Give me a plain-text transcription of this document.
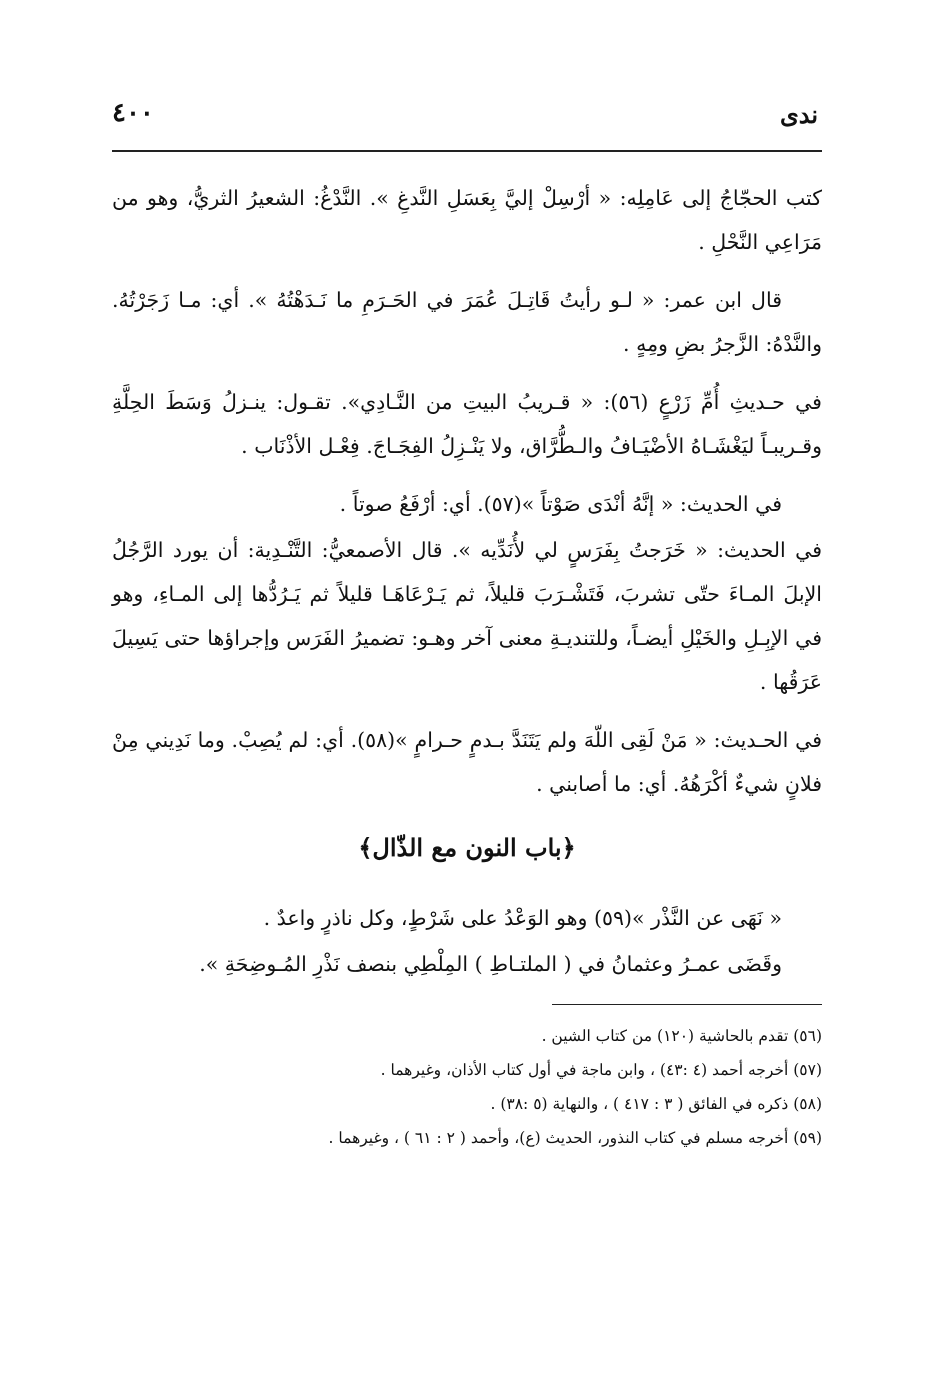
ندى
٤٠٠

كتب الحجّاجُ إلى عَامِلِه: « أرْسِلْ إليَّ بِعَسَلِ النَّدغِ ». النَّدْغُ: الشعيرُ الثريُّ، وهو من مَرَاعِي النَّحْلِ .

قال ابن عمر: « لـو رأيتُ قَاتِـلَ عُمَرَ في الحَـرَمِ ما نَـدَهْتُهُ ». أي: مـا زَجَرْتُهُ. والنَّدْهُ: الزَّجرُ بضِ ومِهٍ .

في حـديثِ أُمِّ زَرْعٍ (٥٦): « قـريبُ البيتِ من النَّـادِي». تقـول: ينـزلُ وَسَطَ الحِلَّةِ وقـريبـاً ليَغْشَـاهُ الأضْيَـافُ والـطُّرَّاق، ولا يَنْـزِلُ الفِجَـاجَ. فِعْـل الأذْنَاب .

في الحديث: « إنَّهُ أنْدَى صَوْتاً »(٥٧). أي: أرْفَعُ صوتاً .

في الحديث: « خَرَجتُ بِفَرَسٍ لي لأُنَدِّيه ». قال الأصمعيُّ: التَّنْـدِية: أن يورد الرَّجُلُ الإبلَ المـاءَ حتّى تشربَ، فَتَشْـرَبَ قليلاً، ثم يَـرْعَاهَـا قليلاً ثم يَـرُدُّها إلى المـاءِ، وهو في الإبِـلِ والخَيْلِ أيضـاً، وللتنديـةِ معنى آخر وهـو: تضميرُ الفَرَس وإجراؤها حتى يَسِيلَ عَرَقُها .

في الحـديث: « مَنْ لَقِى اللّهَ ولم يَتَنَدَّ بـدمٍ حـرامٍ »(٥٨). أي: لم يُصِبْ. وما نَدِيني مِنْ فلانٍ شيءٌ أكْرَهُهُ. أي: ما أصابني .

﴿باب النون مع الذّال﴾

« نَهَى عن النَّذْر »(٥٩) وهو الوَعْدُ على شَرْطٍ، وكل ناذرٍ واعدٌ .

وقَضَى عمـرُ وعثمانُ في ( الملتـاطِ ) المِلْطِي بنصف نَذْرِ المُـوضِحَةِ ».

(٥٦) تقدم بالحاشية (١٢٠) من كتاب الشين .

(٥٧) أخرجه أحمد (٤ :٤٣) ، وابن ماجة في أول كتاب الأذان، وغيرهما .

(٥٨) ذكره في الفائق ( ٣ : ٤١٧ ) ، والنهاية (٥ :٣٨) .

(٥٩) أخرجه مسلم في كتاب النذور، الحديث (ع)، وأحمد ( ٢ : ٦١ ) ، وغيرهما .
